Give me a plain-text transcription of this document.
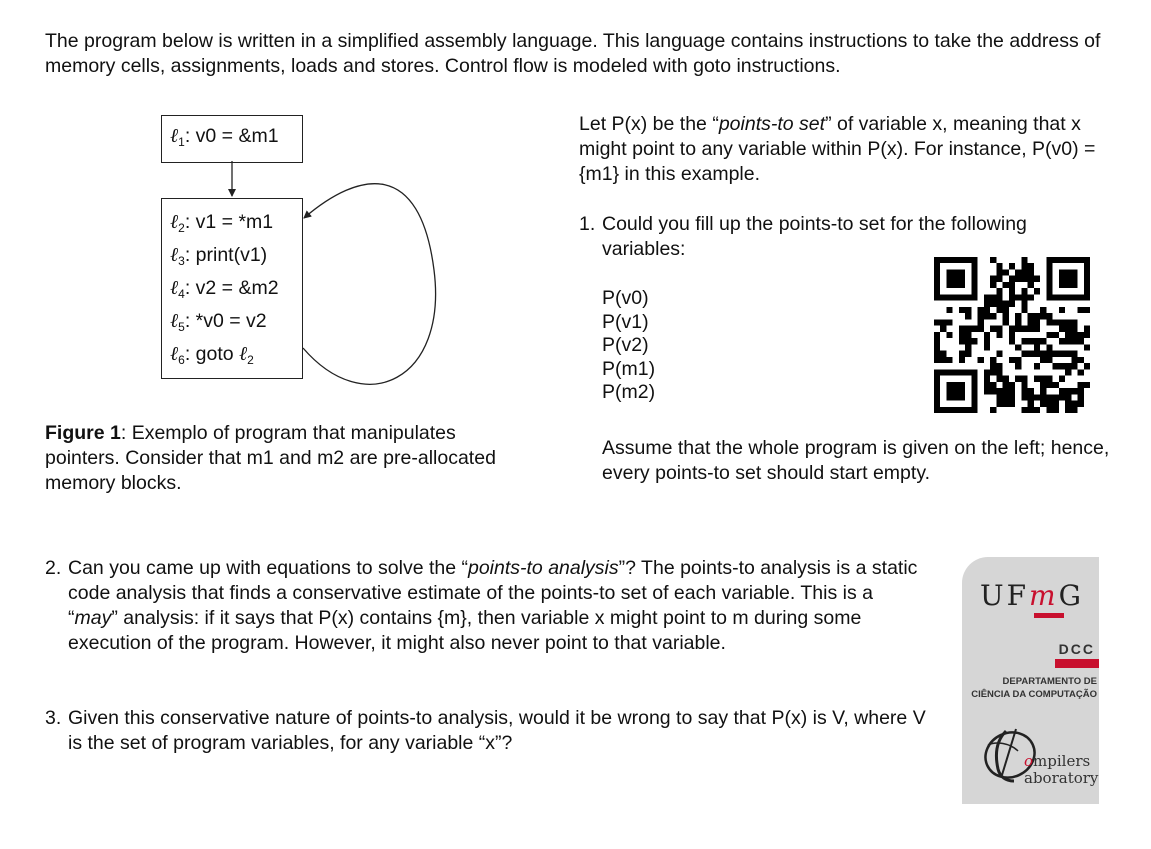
The program below is written in a simplified assembly language. This language contains instructions to take the address of memory cells, assignments, loads and stores. Control flow is modeled with goto instructions.

ℓ$_1$: v0 = &m1
ℓ$_2$: v1 = *m1
ℓ$_3$: print(v1)
ℓ$_4$: v2 = &m2
ℓ$_5$: *v0 = v2
ℓ$_6$: goto ℓ$_2$

Figure 1: Exemplo of program that manipulates pointers. Consider that m1 and m2 are pre-allocated memory blocks.

Let P(x) be the “points-to set” of variable x, meaning that x might point to any variable within P(x). For instance, P(v0) = {m1} in this example.

1. Could you fill up the points-to set for the following variables:

P(v0)
P(v1)
P(v2)
P(m1)
P(m2)

Assume that the whole program is given on the left; hence, every points-to set should start empty.

2. Can you came up with equations to solve the “points-to analysis”? The points-to analysis is a static code analysis that finds a conservative estimate of the points-to set of each variable. This is a “may” analysis: if it says that P(x) contains {m}, then variable x might point to m during some execution of the program. However, it might also never point to that variable.

3. Given this conservative nature of points-to analysis, would it be wrong to say that P(x) is V, where V is the set of program variables, for any variable “x”?

UFmG
DCC
DEPARTAMENTO DE
CIÊNCIA DA COMPUTAÇÃO
ompilers
aboratory
